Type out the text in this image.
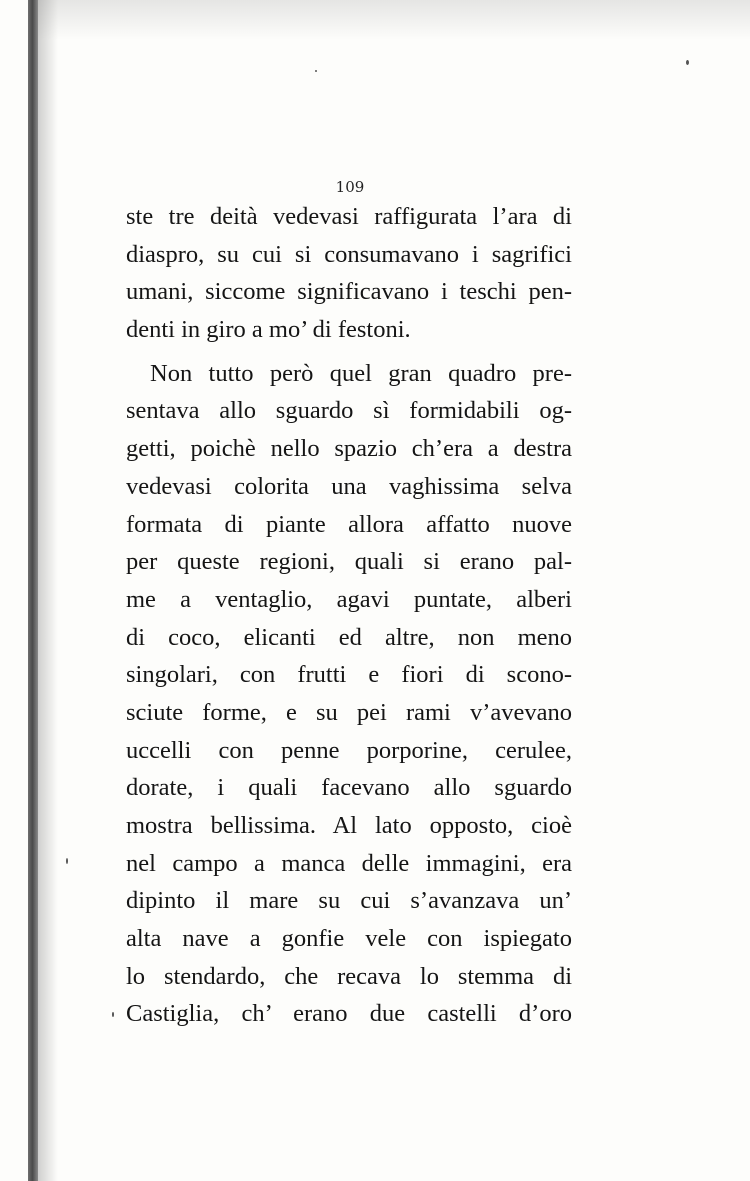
109
ste tre deità vedevasi raffigurata l’ara di
diaspro, su cui si consumavano i sagrifici
umani, siccome significavano i teschi pen-
denti in giro a mo’ di festoni.
Non tutto però quel gran quadro pre-
sentava allo sguardo sì formidabili og-
getti, poichè nello spazio ch’era a destra
vedevasi colorita una vaghissima selva
formata di piante allora affatto nuove
per queste regioni, quali si erano pal-
me a ventaglio, agavi puntate, alberi
di coco, elicanti ed altre, non meno
singolari, con frutti e fiori di scono-
sciute forme, e su pei rami v’avevano
uccelli con penne porporine, cerulee,
dorate, i quali facevano allo sguardo
mostra bellissima. Al lato opposto, cioè
nel campo a manca delle immagini, era
dipinto il mare su cui s’avanzava un’
alta nave a gonfie vele con ispiegato
lo stendardo, che recava lo stemma di
Castiglia, ch’ erano due castelli d’oro
